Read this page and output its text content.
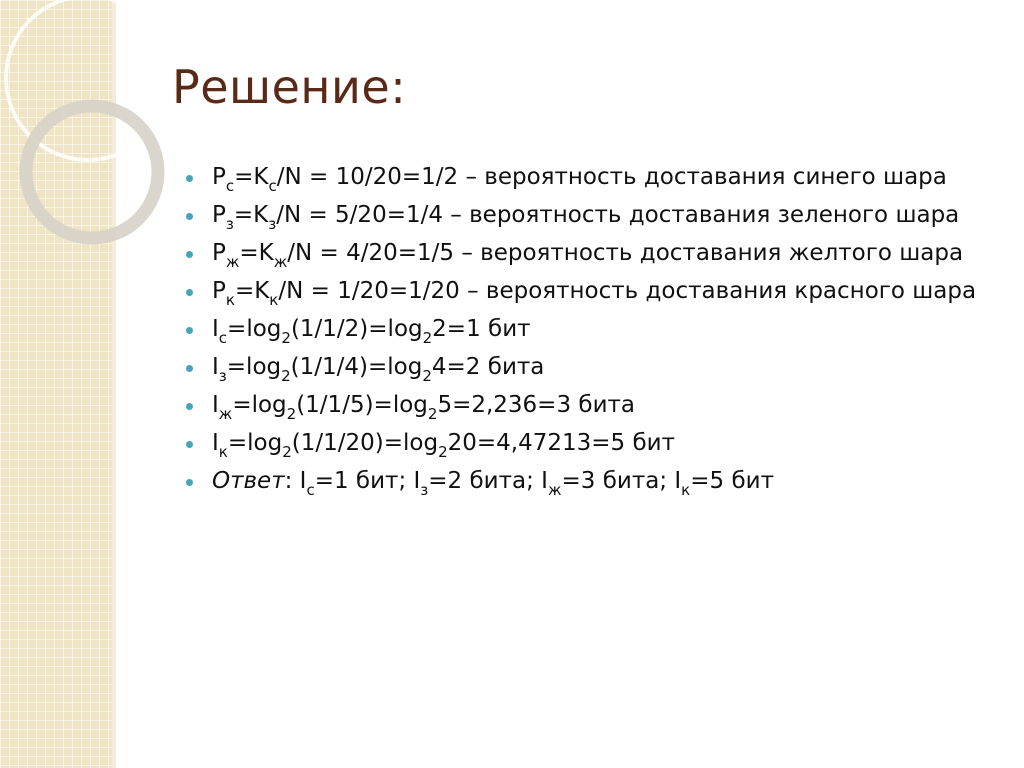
Решение:
$P_с=K_с/N = 10/20=1/2$ – вероятность доставания синего шара
$P_з=K_з/N = 5/20=1/4$ – вероятность доставания зеленого шара
$P_ж=K_ж/N = 4/20=1/5$ – вероятность доставания желтого шара
$P_к=K_к/N = 1/20=1/20$ – вероятность доставания красного шара
$I_с=\log_2(1/1/2)=\log_22=1$ бит
$I_з=\log_2(1/1/4)=\log_24=2$ бита
$I_ж=\log_2(1/1/5)=\log_25=2,236=3$ бита
$I_к=\log_2(1/1/20)=\log_220=4,47213=5$ бит
Ответ: $I_с=1$ бит; $I_з=2$ бита; $I_ж=3$ бита; $I_к=5$ бит
